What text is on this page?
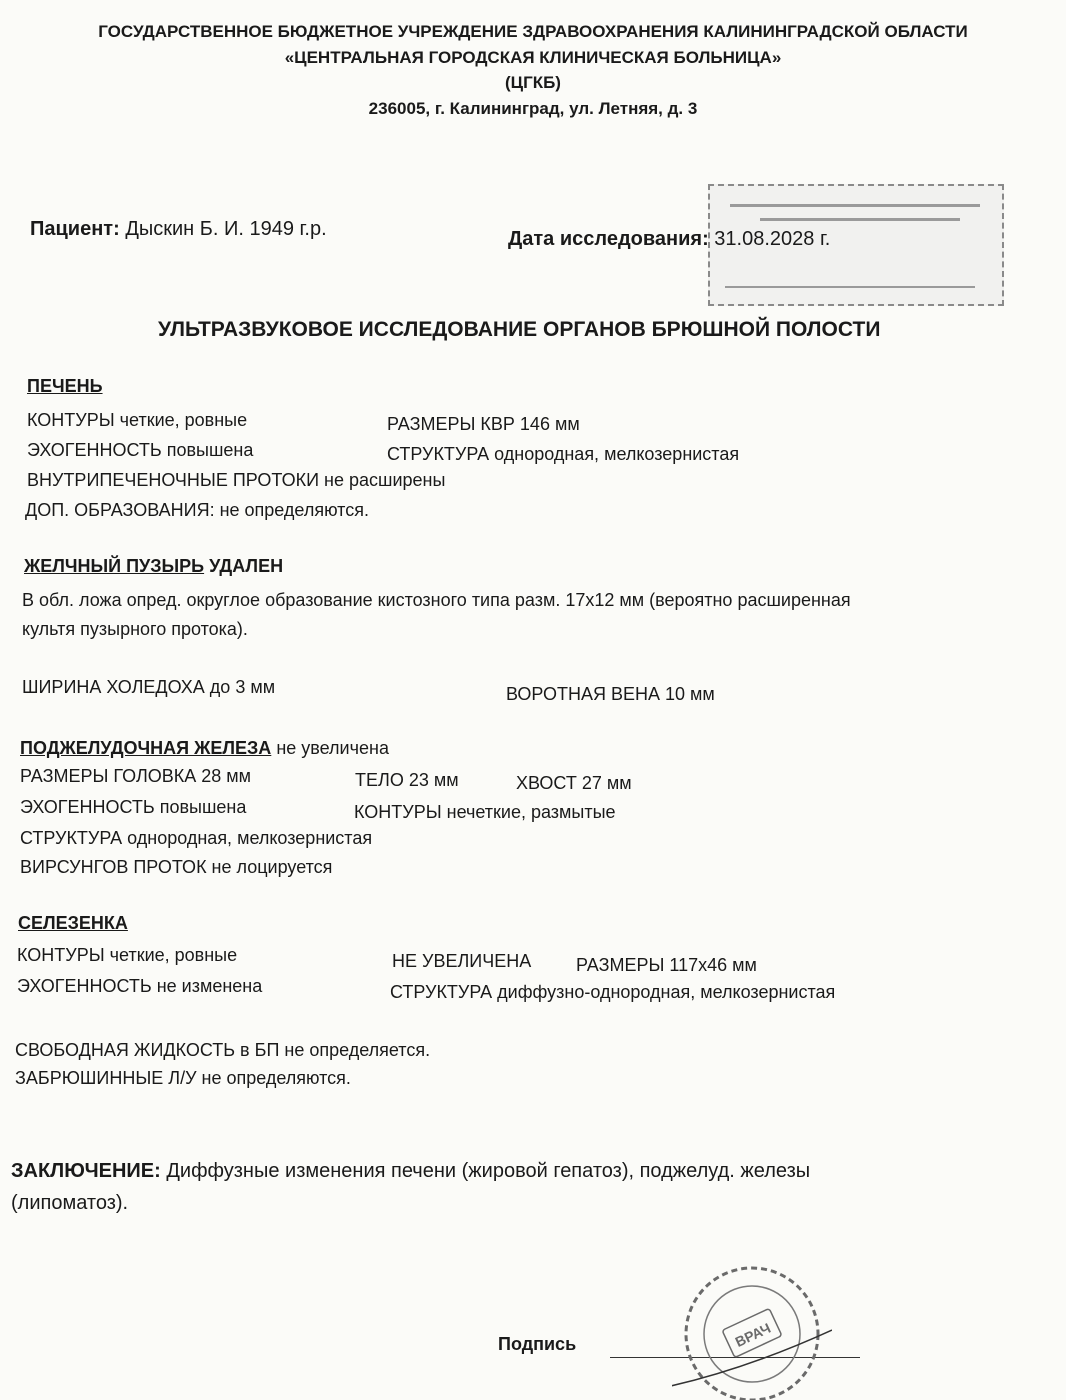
ГОСУДАРСТВЕННОЕ БЮДЖЕТНОЕ УЧРЕЖДЕНИЕ ЗДРАВООХРАНЕНИЯ КАЛИНИНГРАДСКОЙ ОБЛАСТИ
«ЦЕНТРАЛЬНАЯ ГОРОДСКАЯ КЛИНИЧЕСКАЯ БОЛЬНИЦА»
(ЦГКБ)
236005, г. Калининград, ул. Летняя, д. 3
Пациент: Дыскин Б. И. 1949 г.р.	Дата исследования: 31.08.2028 г.
УЛЬТРАЗВУКОВОЕ ИССЛЕДОВАНИЕ ОРГАНОВ БРЮШНОЙ ПОЛОСТИ
ПЕЧЕНЬ
КОНТУРЫ четкие, ровные	РАЗМЕРЫ КВР 146 мм
ЭХОГЕННОСТЬ повышена	СТРУКТУРА однородная, мелкозернистая
ВНУТРИПЕЧЕНОЧНЫЕ ПРОТОКИ не расширены
ДОП. ОБРАЗОВАНИЯ: не определяются.
ЖЕЛЧНЫЙ ПУЗЫРЬ УДАЛЕН
В обл. ложа опред. округлое образование кистозного типа разм. 17х12 мм (вероятно расширенная
культя пузырного протока).
ШИРИНА ХОЛЕДОХА до 3 мм	ВОРОТНАЯ ВЕНА 10 мм
ПОДЖЕЛУДОЧНАЯ ЖЕЛЕЗА не увеличена
РАЗМЕРЫ ГОЛОВКА 28 мм	ТЕЛО 23 мм	ХВОСТ 27 мм
ЭХОГЕННОСТЬ повышена	КОНТУРЫ нечеткие, размытые
СТРУКТУРА однородная, мелкозернистая
ВИРСУНГОВ ПРОТОК не лоцируется
СЕЛЕЗЕНКА
КОНТУРЫ четкие, ровные	НЕ УВЕЛИЧЕНА РАЗМЕРЫ 117х46 мм
ЭХОГЕННОСТЬ не изменена	СТРУКТУРА диффузно-однородная, мелкозернистая
СВОБОДНАЯ ЖИДКОСТЬ в БП не определяется.
ЗАБРЮШИННЫЕ Л/У не определяются.
ЗАКЛЮЧЕНИЕ: Диффузные изменения печени (жировой гепатоз), поджелуд. железы
(липоматоз).
Подпись	ВРАЧ
